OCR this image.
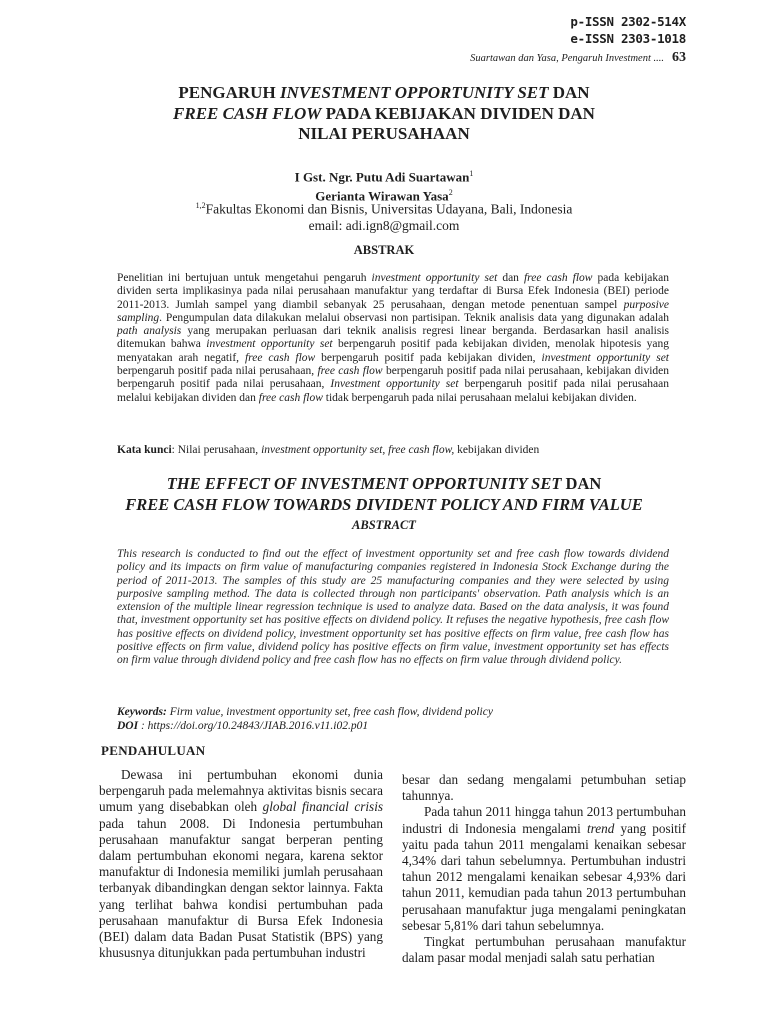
p-ISSN 2302-514X
e-ISSN 2303-1018
Suartawan dan Yasa, Pengaruh Investment .... 63
PENGARUH INVESTMENT OPPORTUNITY SET DAN
FREE CASH FLOW PADA KEBIJAKAN DIVIDEN DAN
NILAI PERUSAHAAN
I Gst. Ngr. Putu Adi Suartawan$^1$
Gerianta Wirawan Yasa$^2$
$^{1,2}$Fakultas Ekonomi dan Bisnis, Universitas Udayana, Bali, Indonesia
email: adi.ign8@gmail.com
ABSTRAK
Penelitian ini bertujuan untuk mengetahui pengaruh investment opportunity set dan free cash flow pada kebijakan dividen serta implikasinya pada nilai perusahaan manufaktur yang terdaftar di Bursa Efek Indonesia (BEI) periode 2011-2013. Jumlah sampel yang diambil sebanyak 25 perusahaan, dengan metode penentuan sampel purposive sampling. Pengumpulan data dilakukan melalui observasi non partisipan. Teknik analisis data yang digunakan adalah path analysis yang merupakan perluasan dari teknik analisis regresi linear berganda. Berdasarkan hasil analisis ditemukan bahwa investment opportunity set berpengaruh positif pada kebijakan dividen, menolak hipotesis yang menyatakan arah negatif, free cash flow berpengaruh positif pada kebijakan dividen, investment opportunity set berpengaruh positif pada nilai perusahaan, free cash flow berpengaruh positif pada nilai perusahaan, kebijakan dividen berpengaruh positif pada nilai perusahaan, Investment opportunity set berpengaruh positif pada nilai perusahaan melalui kebijakan dividen dan free cash flow tidak berpengaruh pada nilai perusahaan melalui kebijakan dividen.
Kata kunci: Nilai perusahaan, investment opportunity set, free cash flow, kebijakan dividen
THE EFFECT OF INVESTMENT OPPORTUNITY SET DAN
FREE CASH FLOW TOWARDS DIVIDENT POLICY AND FIRM VALUE
ABSTRACT
This research is conducted to find out the effect of investment opportunity set and free cash flow towards dividend policy and its impacts on firm value of manufacturing companies registered in Indonesia Stock Exchange during the period of 2011-2013. The samples of this study are 25 manufacturing companies and they were selected by using purposive sampling method. The data is collected through non participants' observation. Path analysis which is an extension of the multiple linear regression technique is used to analyze data. Based on the data analysis, it was found that, investment opportunity set has positive effects on dividend policy. It refuses the negative hypothesis, free cash flow has positive effects on dividend policy, investment opportunity set has positive effects on firm value, free cash flow has positive effects on firm value, dividend policy has positive effects on firm value, investment opportunity set has effects on firm value through dividend policy and free cash flow has no effects on firm value through dividend policy.
Keywords: Firm value, investment opportunity set, free cash flow, dividend policy
DOI : https://doi.org/10.24843/JIAB.2016.v11.i02.p01
PENDAHULUAN

Dewasa ini pertumbuhan ekonomi dunia berpengaruh pada melemahnya aktivitas bisnis secara umum yang disebabkan oleh global financial crisis pada tahun 2008. Di Indonesia pertumbuhan perusahaan manufaktur sangat berperan penting dalam pertumbuhan ekonomi negara, karena sektor manufaktur di Indonesia memiliki jumlah perusahaan terbanyak dibandingkan dengan sektor lainnya. Fakta yang terlihat bahwa kondisi pertumbuhan pada perusahaan manufaktur di Bursa Efek Indonesia (BEI) dalam data Badan Pusat Statistik (BPS) yang khususnya ditunjukkan pada pertumbuhan industri

besar dan sedang mengalami petumbuhan setiap tahunnya.

Pada tahun 2011 hingga tahun 2013 pertumbuhan industri di Indonesia mengalami trend yang positif yaitu pada tahun 2011 mengalami kenaikan sebesar 4,34% dari tahun sebelumnya. Pertumbuhan industri tahun 2012 mengalami kenaikan sebesar 4,93% dari tahun 2011, kemudian pada tahun 2013 pertumbuhan perusahaan manufaktur juga mengalami peningkatan sebesar 5,81% dari tahun sebelumnya.

Tingkat pertumbuhan perusahaan manufaktur dalam pasar modal menjadi salah satu perhatian
